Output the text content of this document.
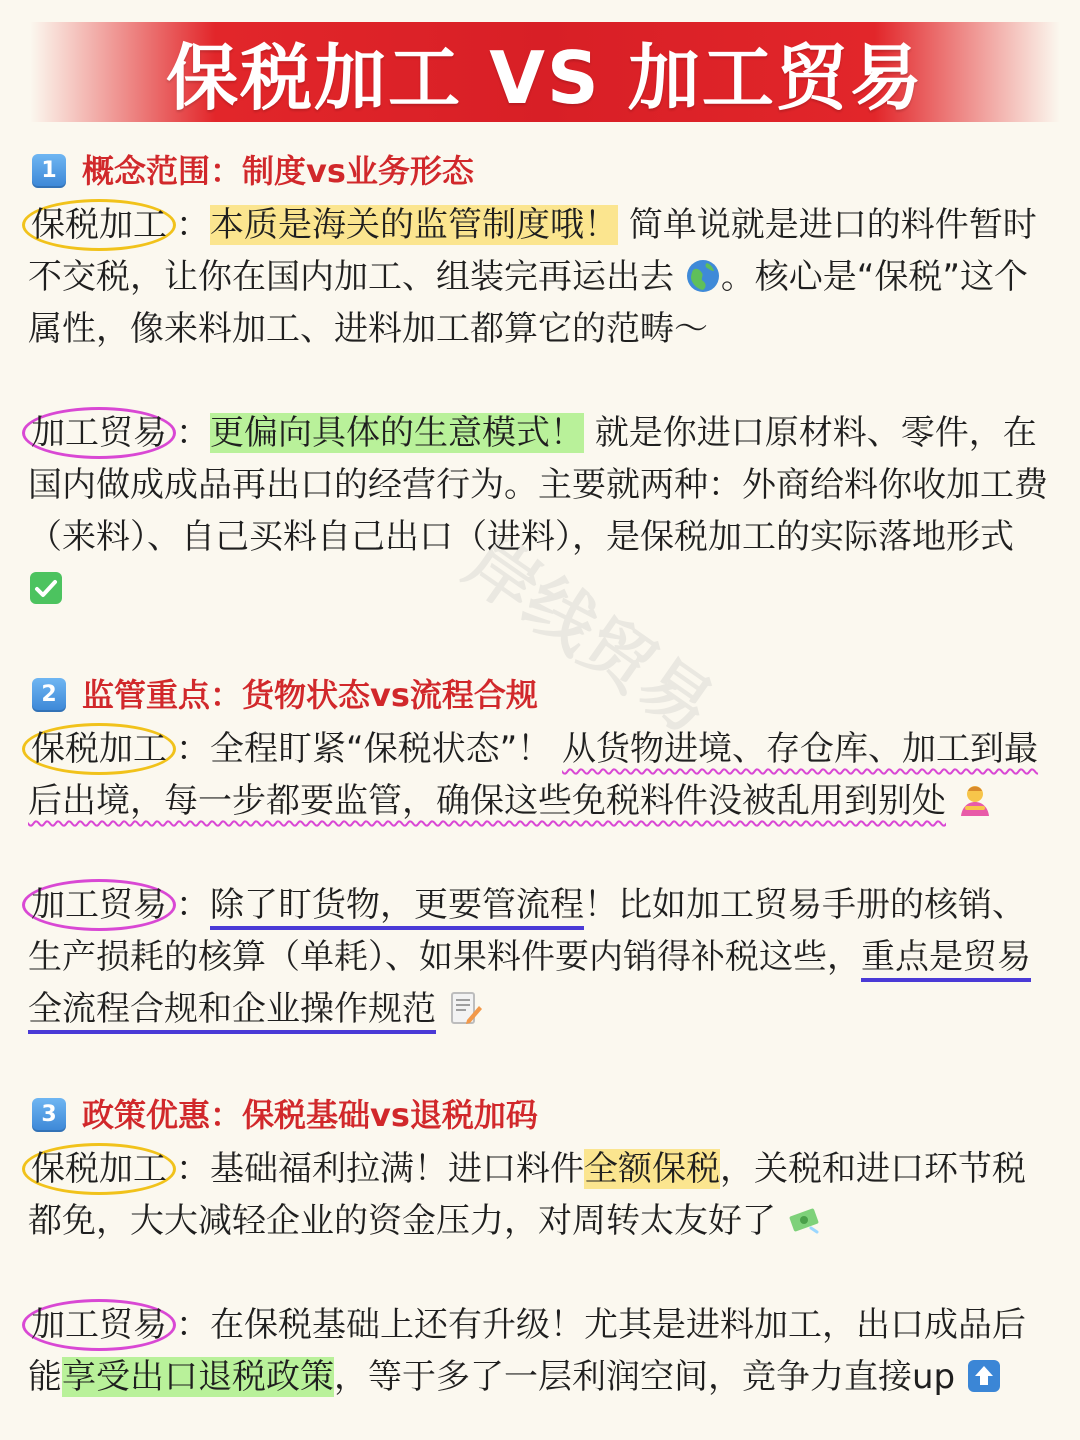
保税加工 VS 加工贸易
岸线贸易
1 概念范围：制度vs业务形态

保税加工 ：本质是海关的监管制度哦！ 简单说就是进口的料件暂时不交税，让你在国内加工、组装完再运出去 。核心是“保税”这个属性，像来料加工、进料加工都算它的范畴～

加工贸易 ：更偏向具体的生意模式！ 就是你进口原材料、零件，在国内做成成品再出口的经营行为。主要就两种：外商给料你收加工费（来料）、自己买料自己出口（进料），是保税加工的实际落地形式

2 监管重点：货物状态vs流程合规

保税加工 ：全程盯紧“保税状态”！ 从货物进境、存仓库、加工到最后出境，每一步都要监管，确保这些免税料件没被乱用到别处

加工贸易 ：除了盯货物，更要管流程！比如加工贸易手册的核销、生产损耗的核算（单耗）、如果料件要内销得补税这些，重点是贸易全流程合规和企业操作规范

3 政策优惠：保税基础vs退税加码

保税加工 ：基础福利拉满！进口料件全额保税，关税和进口环节税都免，大大减轻企业的资金压力，对周转太友好了

加工贸易 ：在保税基础上还有升级！尤其是进料加工，出口成品后能享受出口退税政策，等于多了一层利润空间，竞争力直接up
